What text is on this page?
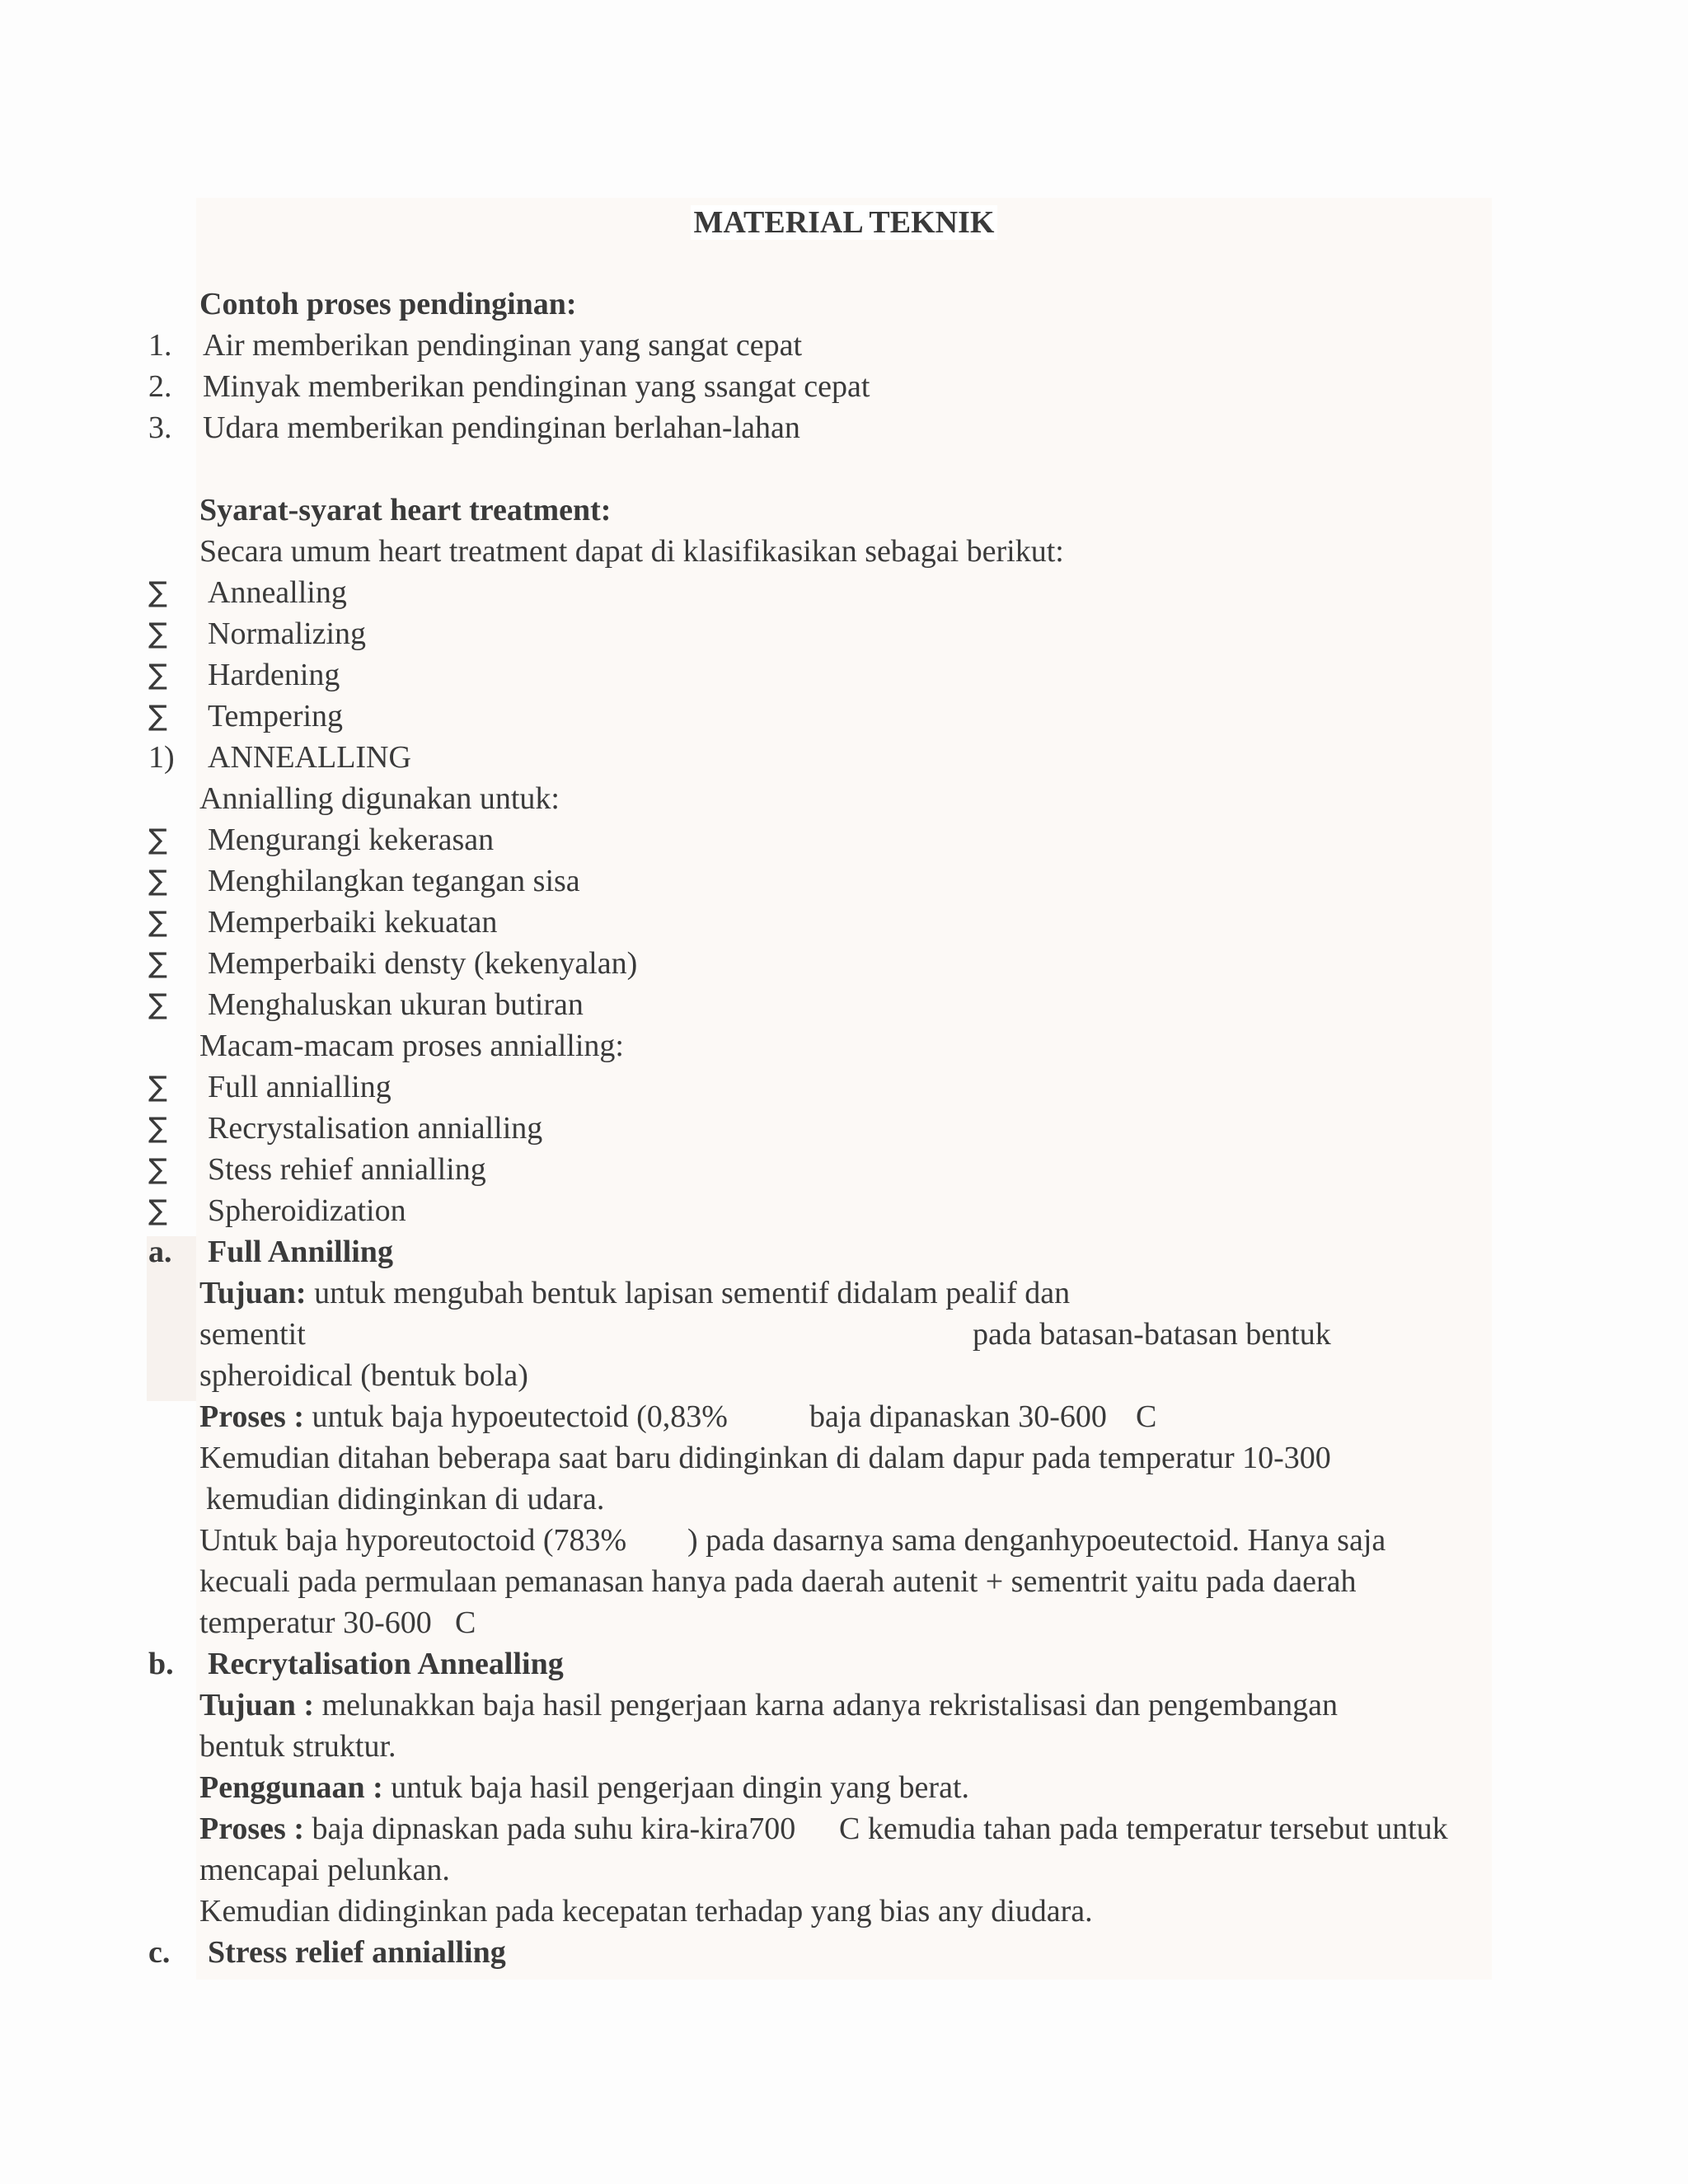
MATERIAL TEKNIK
Contoh proses pendinginan:
1. Air memberikan pendinginan yang sangat cepat
2. Minyak memberikan pendinginan yang ssangat cepat
3. Udara memberikan pendinginan berlahan-lahan
Syarat-syarat heart treatment:
Secara umum heart treatment dapat di klasifikasikan sebagai berikut:
∑ Annealling
∑ Normalizing
∑ Hardening
∑ Tempering
1) ANNEALLING
Annialling digunakan untuk:
∑ Mengurangi kekerasan
∑ Menghilangkan tegangan sisa
∑ Memperbaiki kekuatan
∑ Memperbaiki densty (kekenyalan)
∑ Menghaluskan ukuran butiran
Macam-macam proses annialling:
∑ Full annialling
∑ Recrystalisation annialling
∑ Stess rehief annialling
∑ Spheroidization
a. Full Annilling
Tujuan: untuk mengubah bentuk lapisan sementif didalam pealif dan
sementit	pada batasan-batasan bentuk
spheroidical (bentuk bola)
Proses : untuk baja hypoeutectoid (0,83%	baja dipanaskan 30-600 C
Kemudian ditahan beberapa saat baru didinginkan di dalam dapur pada temperatur 10-300
kemudian didinginkan di udara.
Untuk baja hyporeutoctoid (783% ) pada dasarnya sama denganhypoeutectoid. Hanya saja
kecuali pada permulaan pemanasan hanya pada daerah autenit + sementrit yaitu pada daerah
temperatur 30-600 C
b. Recrytalisation Annealling
Tujuan : melunakkan baja hasil pengerjaan karna adanya rekristalisasi dan pengembangan
bentuk struktur.
Penggunaan : untuk baja hasil pengerjaan dingin yang berat.
Proses : baja dipnaskan pada suhu kira-kira700 C kemudia tahan pada temperatur tersebut untuk
mencapai pelunkan.
Kemudian didinginkan pada kecepatan terhadap yang bias any diudara.
c. Stress relief annialling
